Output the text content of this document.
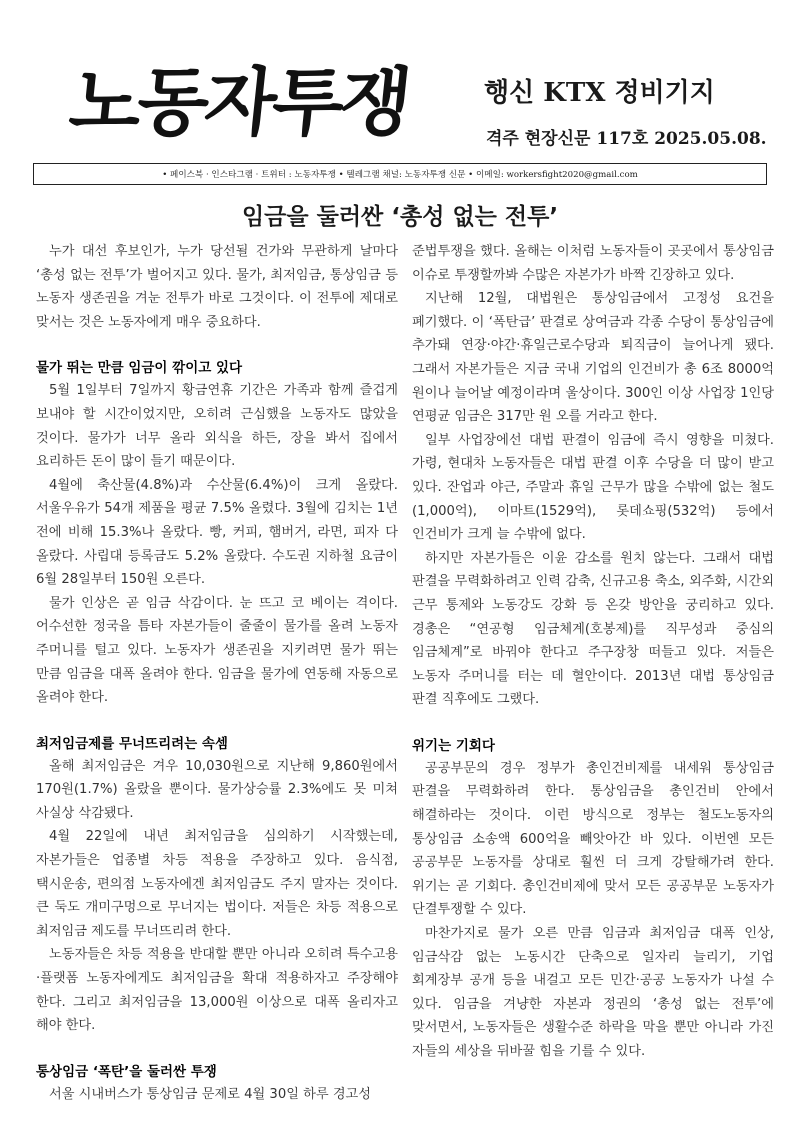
노동자투쟁	행신 KTX 정비기지
격주 현장신문 117호 2025.05.08.
• 페이스북 · 인스타그램 · 트위터 : 노동자투쟁 • 텔레그램 채널: 노동자투쟁 신문 • 이메일: workersfight2020@gmail.com
임금을 둘러싼 ‘총성 없는 전투’

누가 대선 후보인가, 누가 당선될 건가와 무관하게 날마다 ‘총성 없는 전투’가 벌어지고 있다. 물가, 최저임금, 통상임금 등 노동자 생존권을 겨눈 전투가 바로 그것이다. 이 전투에 제대로 맞서는 것은 노동자에게 매우 중요하다.

물가 뛰는 만큼 임금이 깎이고 있다

5월 1일부터 7일까지 황금연휴 기간은 가족과 함께 즐겁게 보내야 할 시간이었지만, 오히려 근심했을 노동자도 많았을 것이다. 물가가 너무 올라 외식을 하든, 장을 봐서 집에서 요리하든 돈이 많이 들기 때문이다.

4월에 축산물(4.8%)과 수산물(6.4%)이 크게 올랐다. 서울우유가 54개 제품을 평균 7.5% 올렸다. 3월에 김치는 1년 전에 비해 15.3%나 올랐다. 빵, 커피, 햄버거, 라면, 피자 다 올랐다. 사립대 등록금도 5.2% 올랐다. 수도권 지하철 요금이 6월 28일부터 150원 오른다.

물가 인상은 곧 임금 삭감이다. 눈 뜨고 코 베이는 격이다. 어수선한 정국을 틈타 자본가들이 줄줄이 물가를 올려 노동자 주머니를 털고 있다. 노동자가 생존권을 지키려면 물가 뛰는 만큼 임금을 대폭 올려야 한다. 임금을 물가에 연동해 자동으로 올려야 한다.

최저임금제를 무너뜨리려는 속셈

올해 최저임금은 겨우 10,030원으로 지난해 9,860원에서 170원(1.7%) 올랐을 뿐이다. 물가상승률 2.3%에도 못 미쳐 사실상 삭감됐다.

4월 22일에 내년 최저임금을 심의하기 시작했는데, 자본가들은 업종별 차등 적용을 주장하고 있다. 음식점, 택시운송, 편의점 노동자에겐 최저임금도 주지 말자는 것이다. 큰 둑도 개미구멍으로 무너지는 법이다. 저들은 차등 적용으로 최저임금 제도를 무너뜨리려 한다.

노동자들은 차등 적용을 반대할 뿐만 아니라 오히려 특수고용·플랫폼 노동자에게도 최저임금을 확대 적용하자고 주장해야 한다. 그리고 최저임금을 13,000원 이상으로 대폭 올리자고 해야 한다.

통상임금 ‘폭탄’을 둘러싼 투쟁

서울 시내버스가 통상임금 문제로 4월 30일 하루 경고성

준법투쟁을 했다. 올해는 이처럼 노동자들이 곳곳에서 통상임금 이슈로 투쟁할까봐 수많은 자본가가 바짝 긴장하고 있다.

지난해 12월, 대법원은 통상임금에서 고정성 요건을 폐기했다. 이 ‘폭탄급’ 판결로 상여금과 각종 수당이 통상임금에 추가돼 연장·야간·휴일근로수당과 퇴직금이 늘어나게 됐다. 그래서 자본가들은 지금 국내 기업의 인건비가 총 6조 8000억 원이나 늘어날 예정이라며 울상이다. 300인 이상 사업장 1인당 연평균 임금은 317만 원 오를 거라고 한다.

일부 사업장에선 대법 판결이 임금에 즉시 영향을 미쳤다. 가령, 현대차 노동자들은 대법 판결 이후 수당을 더 많이 받고 있다. 잔업과 야근, 주말과 휴일 근무가 많을 수밖에 없는 철도(1,000억), 이마트(1529억), 롯데쇼핑(532억) 등에서 인건비가 크게 늘 수밖에 없다.

하지만 자본가들은 이윤 감소를 원치 않는다. 그래서 대법 판결을 무력화하려고 인력 감축, 신규고용 축소, 외주화, 시간외 근무 통제와 노동강도 강화 등 온갖 방안을 궁리하고 있다. 경총은 “연공형 임금체계(호봉제)를 직무성과 중심의 임금체계”로 바꿔야 한다고 주구장창 떠들고 있다. 저들은 노동자 주머니를 터는 데 혈안이다. 2013년 대법 통상임금 판결 직후에도 그랬다.

위기는 기회다

공공부문의 경우 정부가 총인건비제를 내세워 통상임금 판결을 무력화하려 한다. 통상임금을 총인건비 안에서 해결하라는 것이다. 이런 방식으로 정부는 철도노동자의 통상임금 소송액 600억을 빼앗아간 바 있다. 이번엔 모든 공공부문 노동자를 상대로 훨씬 더 크게 강탈해가려 한다. 위기는 곧 기회다. 총인건비제에 맞서 모든 공공부문 노동자가 단결투쟁할 수 있다.

마찬가지로 물가 오른 만큼 임금과 최저임금 대폭 인상, 임금삭감 없는 노동시간 단축으로 일자리 늘리기, 기업 회계장부 공개 등을 내걸고 모든 민간·공공 노동자가 나설 수 있다. 임금을 겨냥한 자본과 정권의 ‘총성 없는 전투’에 맞서면서, 노동자들은 생활수준 하락을 막을 뿐만 아니라 가진 자들의 세상을 뒤바꿀 힘을 기를 수 있다.
